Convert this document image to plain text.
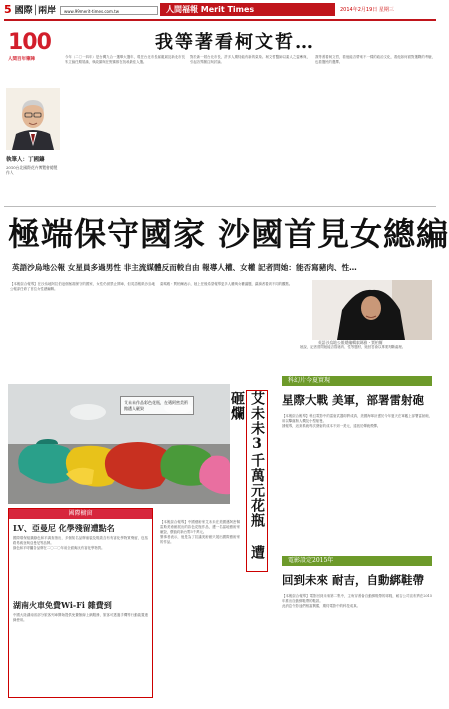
5 國際│兩岸	www.99merit-times.com.tw	人間福報 Merit Times	2014年2月19日 星期三
100
人間百年筆陣
執筆人：丁國鑄
2010台北國際花卉博覽會總製作人
我等著看柯文哲…

今年（二〇一四年）是台灣九合一選舉大選年，現任台北市長郝龍斌及新北市長朱立倫任期屆滿，執政黨與在野黨都在找尋最佳人選。

對於新一屆台北市長，許多人期待能有新的氣象。柯文哲醫師以素人之姿參與，引起各界關注與討論。

我等著看柯文哲，看他能否帶來不一樣的政治文化，看他如何面對選戰的考驗，也看選民的選擇。

極端保守國家 沙國首見女總編
英語沙烏地公報 女星員多過男性 非主流媒體反而較自由 報導人權、女權 記者問她：能否寫豬肉、性…

【本報綜合報導】在沙烏地阿拉伯這個極端保守的國家，女性仍被禁止開車，但英語報紙沙烏地公報卻任命了首位女性總編輯。

索瑪雅・賈柏爾表示，她上任後希望報導更多人權與女權議題，讓讀者看到不同的觀點。

她說，記者曾問她能否寫豬肉、性等題材，她回答會以專業判斷處理。

英語沙烏地公報總編輯索瑪雅・賈柏爾
艾未未作品彩色花瓶，在邁阿密美術館遭人砸毀	艾未未3千萬元花瓶 遭砸爛

【本報綜合報導】中國藝術家艾未未在美國邁阿密佩雷斯美術館展出的彩色花瓶作品，遭一名當地藝術家砸毀，價值約新台幣3千萬元。

肇事者表示，他是為了抗議美術館只展出國際藝術家的作品。

國際櫥窗
LV、亞曼尼 化學殘留遭點名

國際環保組織綠色和平調查指出，多個知名品牌童裝及鞋款含有有害化學物質殘留，包括路易威登與亞曼尼等品牌。

綠色和平呼籲各品牌在二〇二〇年前全面淘汰有害化學物質。

湖南火車免費Wi-Fi 雜費到

中國大陸湖南省部分旅客列車開始提供免費無線上網服務，旅客可透過手機等行動裝置連線使用。

科幻片今夏實現
星際大戰 美軍，部署雷射砲

【本報綜合報導】科幻電影中的雷射武器即將成真，美國海軍計畫於今年夏天在軍艦上部署雷射砲，用以擊落無人機及小型船隻。

據報導，這套系統每次發射的成本不到一美元，遠低於傳統飛彈。

電影設定2015年
回到未來 耐吉，自動綁鞋帶

【本報綜合報導】電影回到未來第二集中，主角穿著會自動綁鞋帶的球鞋，耐吉公司宣布將在2015年推出自動綁鞋帶的鞋款。

此消息令影迷們相當興奮，期待電影中的科技成真。
